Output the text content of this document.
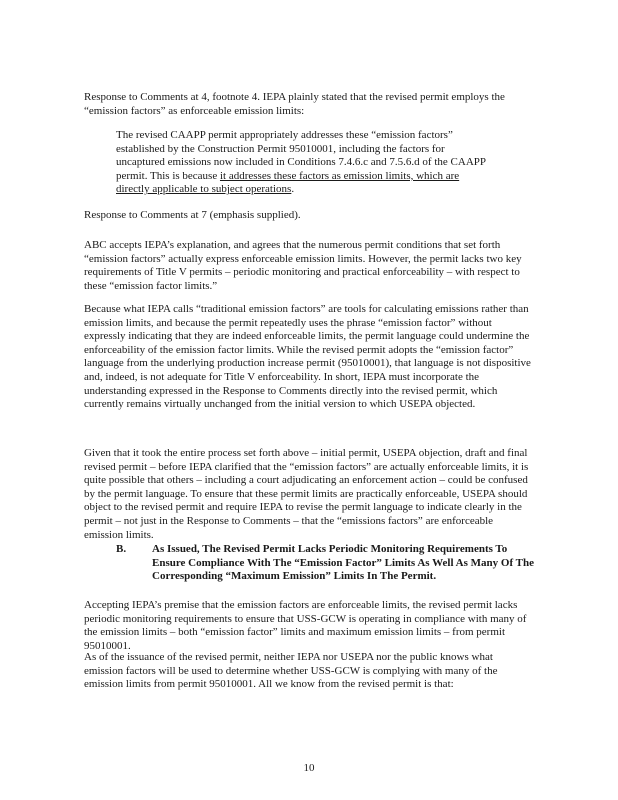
Response to Comments at 4, footnote 4. IEPA plainly stated that the revised permit employs the “emission factors” as enforceable emission limits:

The revised CAAPP permit appropriately addresses these “emission factors” established by the Construction Permit 95010001, including the factors for uncaptured emissions now included in Conditions 7.4.6.c and 7.5.6.d of the CAAPP permit. This is because it addresses these factors as emission limits, which are directly applicable to subject operations.

Response to Comments at 7 (emphasis supplied).

ABC accepts IEPA’s explanation, and agrees that the numerous permit conditions that set forth “emission factors” actually express enforceable emission limits. However, the permit lacks two key requirements of Title V permits – periodic monitoring and practical enforceability – with respect to these “emission factor limits.”

Because what IEPA calls “traditional emission factors” are tools for calculating emissions rather than emission limits, and because the permit repeatedly uses the phrase “emission factor” without expressly indicating that they are indeed enforceable limits, the permit language could undermine the enforceability of the emission factor limits. While the revised permit adopts the “emission factor” language from the underlying production increase permit (95010001), that language is not dispositive and, indeed, is not adequate for Title V enforceability. In short, IEPA must incorporate the understanding expressed in the Response to Comments directly into the revised permit, which currently remains virtually unchanged from the initial version to which USEPA objected.

Given that it took the entire process set forth above – initial permit, USEPA objection, draft and final revised permit – before IEPA clarified that the “emission factors” are actually enforceable limits, it is quite possible that others – including a court adjudicating an enforcement action – could be confused by the permit language. To ensure that these permit limits are practically enforceable, USEPA should object to the revised permit and require IEPA to revise the permit language to indicate clearly in the permit – not just in the Response to Comments – that the “emissions factors” are enforceable emission limits.

B. As Issued, The Revised Permit Lacks Periodic Monitoring Requirements To Ensure Compliance With The “Emission Factor” Limits As Well As Many Of The Corresponding “Maximum Emission” Limits In The Permit.

Accepting IEPA’s premise that the emission factors are enforceable limits, the revised permit lacks periodic monitoring requirements to ensure that USS-GCW is operating in compliance with many of the emission limits – both “emission factor” limits and maximum emission limits – from permit 95010001.

As of the issuance of the revised permit, neither IEPA nor USEPA nor the public knows what emission factors will be used to determine whether USS-GCW is complying with many of the emission limits from permit 95010001. All we know from the revised permit is that:

10
